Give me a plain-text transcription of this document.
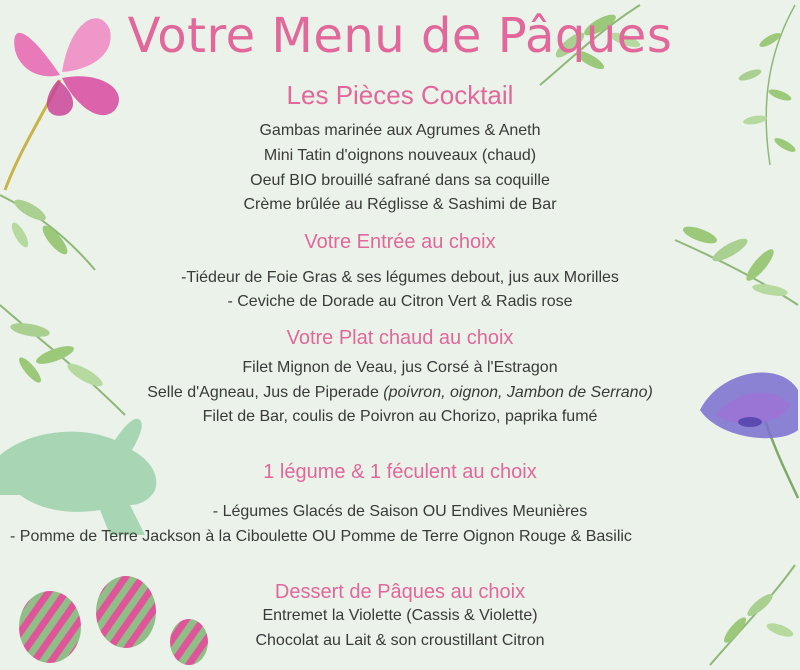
Votre Menu de Pâques
Les Pièces Cocktail
Gambas marinée aux Agrumes & Aneth
Mini Tatin d'oignons nouveaux (chaud)
Oeuf BIO brouillé safrané dans sa coquille
Crème brûlée au Réglisse & Sashimi de Bar
Votre Entrée au choix
-Tiédeur de Foie Gras & ses légumes debout, jus aux Morilles
- Ceviche de Dorade au Citron Vert & Radis rose
Votre Plat chaud au choix
Filet Mignon de Veau, jus Corsé à l'Estragon
Selle d'Agneau, Jus de Piperade (poivron, oignon, Jambon de Serrano)
Filet de Bar, coulis de Poivron au Chorizo, paprika fumé
1 légume & 1 féculent au choix
- Légumes Glacés de Saison OU Endives Meunières
- Pomme de Terre Jackson à la Ciboulette OU Pomme de Terre Oignon Rouge & Basilic
Dessert de Pâques au choix
Entremet la Violette (Cassis & Violette)
Chocolat au Lait & son croustillant Citron
